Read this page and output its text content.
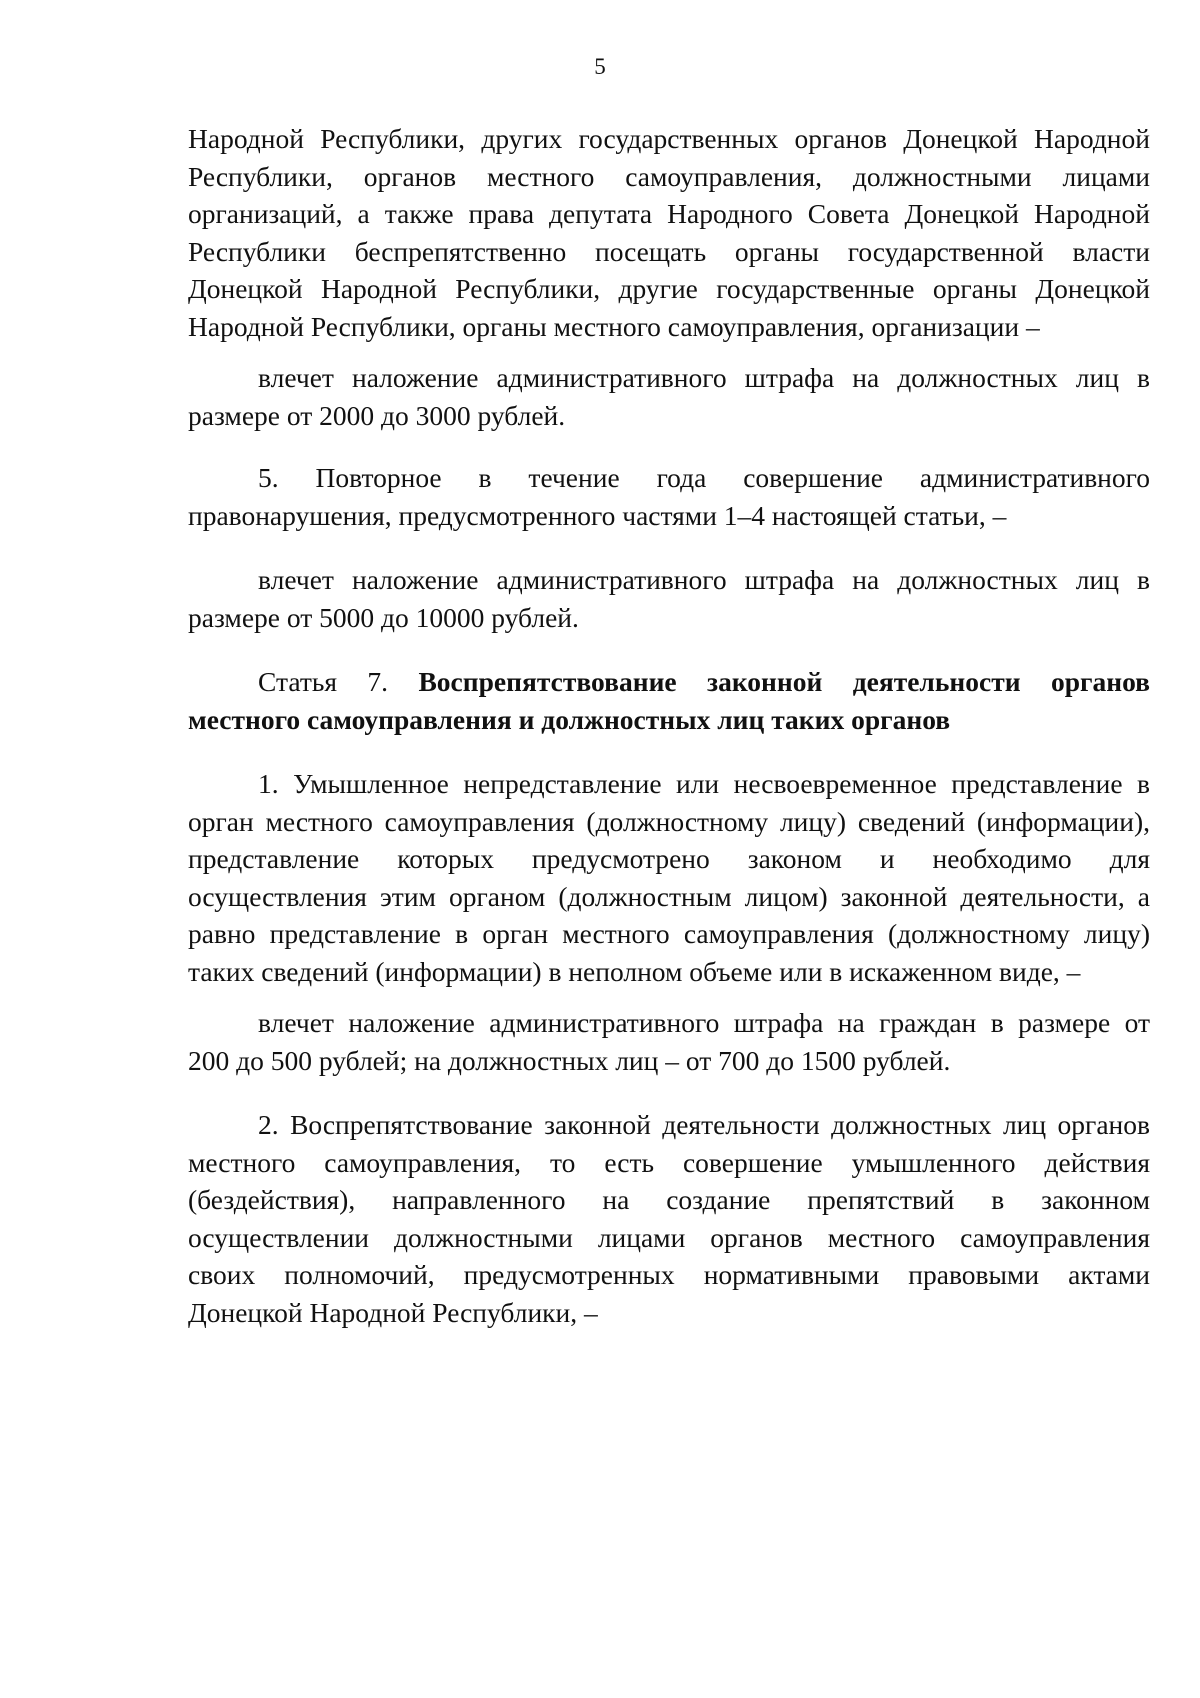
5
Народной Республики, других государственных органов Донецкой Народной
Республики, органов местного самоуправления, должностными лицами
организаций, а также права депутата Народного Совета Донецкой Народной
Республики беспрепятственно посещать органы государственной власти
Донецкой Народной Республики, другие государственные органы Донецкой
Народной Республики, органы местного самоуправления, организации –
влечет наложение административного штрафа на должностных лиц в
размере от 2000 до 3000 рублей.
5. Повторное в течение года совершение административного
правонарушения, предусмотренного частями 1–4 настоящей статьи, –
влечет наложение административного штрафа на должностных лиц в
размере от 5000 до 10000 рублей.
Статья 7. Воспрепятствование законной деятельности органов
местного самоуправления и должностных лиц таких органов
1. Умышленное непредставление или несвоевременное представление в
орган местного самоуправления (должностному лицу) сведений (информации),
представление которых предусмотрено законом и необходимо для
осуществления этим органом (должностным лицом) законной деятельности, а
равно представление в орган местного самоуправления (должностному лицу)
таких сведений (информации) в неполном объеме или в искаженном виде, –
влечет наложение административного штрафа на граждан в размере от
200 до 500 рублей; на должностных лиц – от 700 до 1500 рублей.
2. Воспрепятствование законной деятельности должностных лиц органов
местного самоуправления, то есть совершение умышленного действия
(бездействия), направленного на создание препятствий в законном
осуществлении должностными лицами органов местного самоуправления
своих полномочий, предусмотренных нормативными правовыми актами
Донецкой Народной Республики, –
